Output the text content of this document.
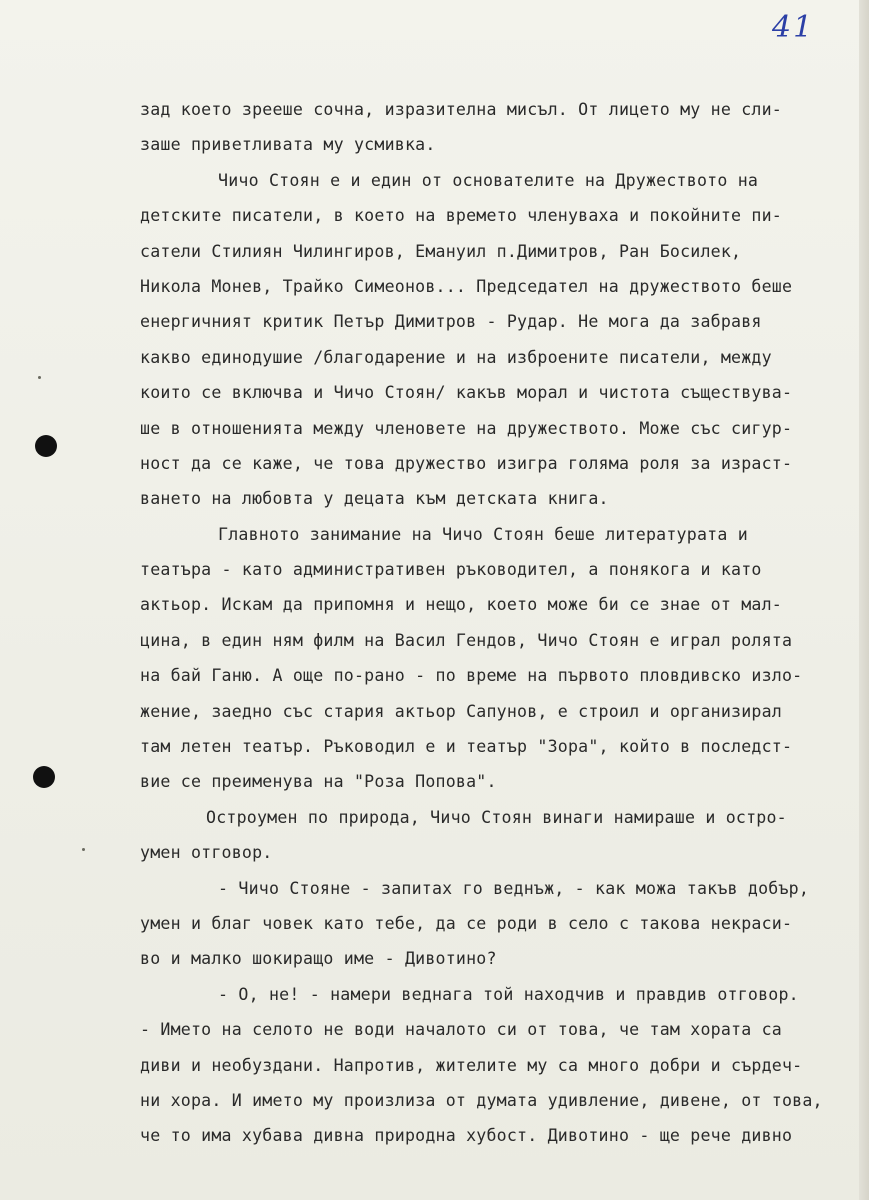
41
зад което зрееше сочна, изразителна мисъл. От лицето му не сли-
заше приветливата му усмивка.
Чичо Стоян е и един от основателите на Дружеството на
детските писатели, в което на времето членуваха и покойните пи-
сатели Стилиян Чилингиров, Емануил п.Димитров, Ран Босилек,
Никола Монев, Трайко Симеонов... Председател на дружеството беше
енергичният критик Петър Димитров - Рудар. Не мога да забравя
какво единодушие /благодарение и на изброените писатели, между
които се включва и Чичо Стоян/ какъв морал и чистота съществува-
ше в отношенията между членовете на дружеството. Може със сигур-
ност да се каже, че това дружество изигра голяма роля за израст-
ването на любовта у децата към детската книга.
Главното занимание на Чичо Стоян беше литературата и
театъра - като административен ръководител, а понякога и като
актьор. Искам да припомня и нещо, което може би се знае от мал-
цина, в един ням филм на Васил Гендов, Чичо Стоян е играл ролята
на бай Ганю. А още по-рано - по време на първото пловдивско изло-
жение, заедно със стария актьор Сапунов, е строил и организирал
там летен театър. Ръководил е и театър "Зора", който в последст-
вие се преименува на "Роза Попова".
Остроумен по природа, Чичо Стоян винаги намираше и остро-
умен отговор.
- Чичо Стояне - запитах го веднъж, - как можа такъв добър,
умен и благ човек като тебе, да се роди в село с такова некраси-
во и малко шокиращо име - Дивотино?
- О, не! - намери веднага той находчив и правдив отговор.
- Името на селото не води началото си от това, че там хората са
диви и необуздани. Напротив, жителите му са много добри и сърдеч-
ни хора. И името му произлиза от думата удивление, дивене, от това,
че то има хубава дивна природна хубост. Дивотино - ще рече дивно
